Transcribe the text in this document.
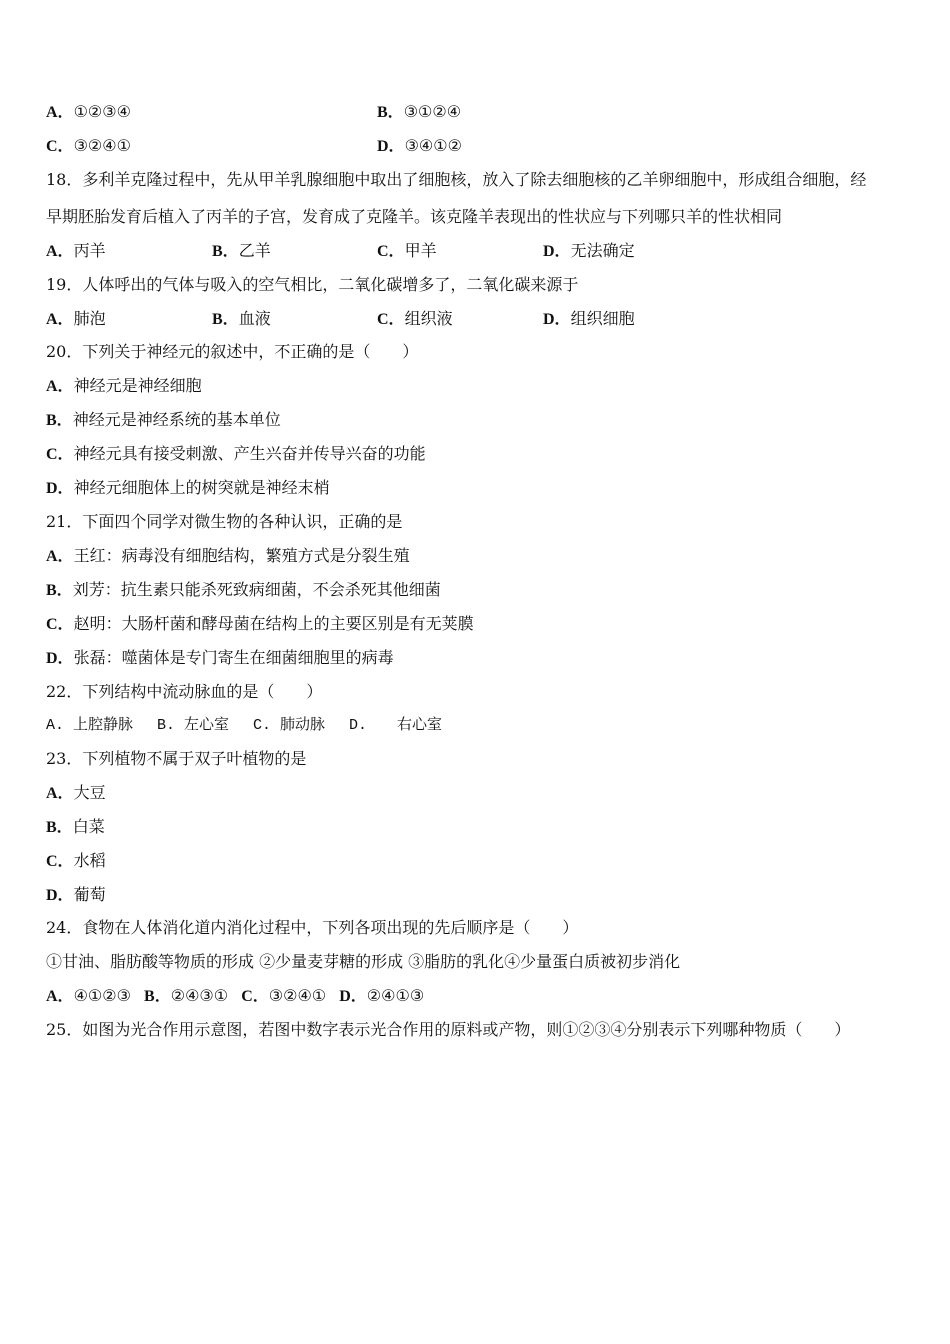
A．①②③④	B．③①②④
C．③②④①	D．③④①②
18．多利羊克隆过程中，先从甲羊乳腺细胞中取出了细胞核，放入了除去细胞核的乙羊卵细胞中，形成组合细胞，经
早期胚胎发育后植入了丙羊的子宫，发育成了克隆羊。该克隆羊表现出的性状应与下列哪只羊的性状相同
A．丙羊	B．乙羊	C．甲羊	D．无法确定
19．人体呼出的气体与吸入的空气相比，二氧化碳增多了，二氧化碳来源于
A．肺泡	B．血液	C．组织液	D．组织细胞
20．下列关于神经元的叙述中，不正确的是（　　）
A．神经元是神经细胞
B．神经元是神经系统的基本单位
C．神经元具有接受刺激、产生兴奋并传导兴奋的功能
D．神经元细胞体上的树突就是神经末梢
21．下面四个同学对微生物的各种认识，正确的是
A．王红：病毒没有细胞结构，繁殖方式是分裂生殖
B．刘芳：抗生素只能杀死致病细菌，不会杀死其他细菌
C．赵明：大肠杆菌和酵母菌在结构上的主要区别是有无荚膜
D．张磊：噬菌体是专门寄生在细菌细胞里的病毒
22．下列结构中流动脉血的是（　　）
A. 上腔静脉　 B. 左心室　 C. 肺动脉　 D.　　右心室
23．下列植物不属于双子叶植物的是
A．大豆
B．白菜
C．水稻
D．葡萄
24．食物在人体消化道内消化过程中，下列各项出现的先后顺序是（　　）
①甘油、脂肪酸等物质的形成 ②少量麦芽糖的形成 ③脂肪的乳化④少量蛋白质被初步消化
A．④①②③ B．②④③① C．③②④① D．②④①③
25．如图为光合作用示意图，若图中数字表示光合作用的原料或产物，则①②③④分别表示下列哪种物质（　　）
